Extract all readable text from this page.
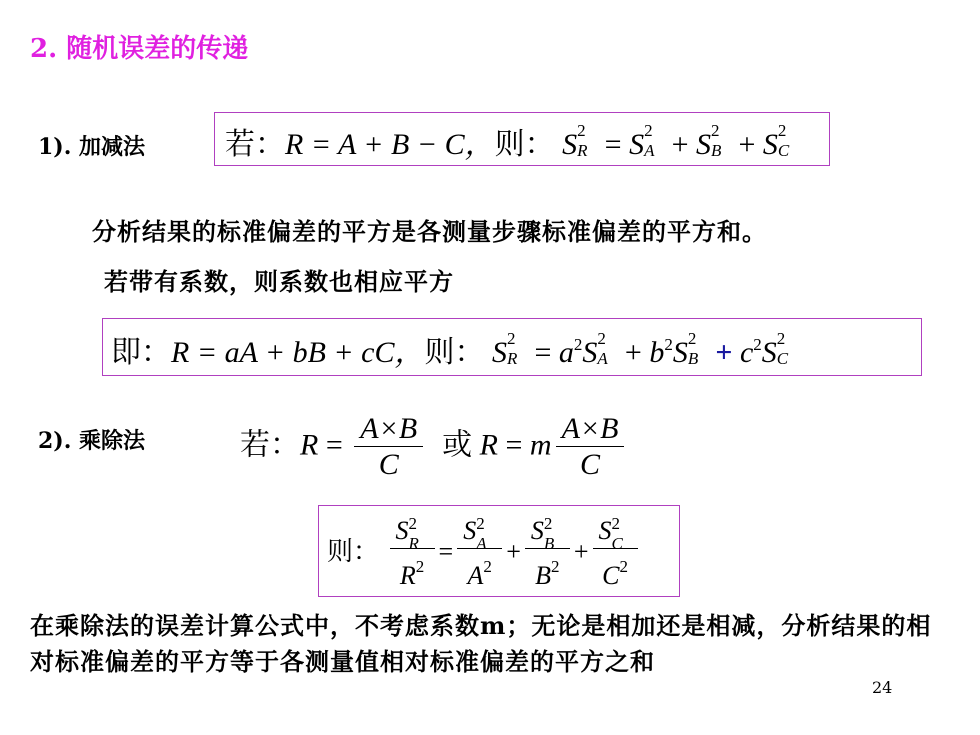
2. 随机误差的传递
1). 加减法	若：R = A + B − C，则： S 2
R = S 2
A + S 2
B + S 2
C
分析结果的标准偏差的平方是各测量步骤标准偏差的平方和。
若带有系数，则系数也相应平方
即：R = aA + bB + cC，则： S 2
$R = a^2S$ 2
$A + b^2S$ 2
$B + c^2S$ 2
C
2). 乘除法	若：$R = \frac{A\times B}{C}$ 或 R = m $\frac{A\times B}{C}$
则： S 2
R
$R^2 = S$ 2
A
$A^2 + S$ 2
B
$B^2 + S$ 2
C
$C^2$
在乘除法的误差计算公式中，不考虑系数m；无论是相加还是相减，分析结果的相对标准偏差的平方等于各测量值相对标准偏差的平方之和
24
